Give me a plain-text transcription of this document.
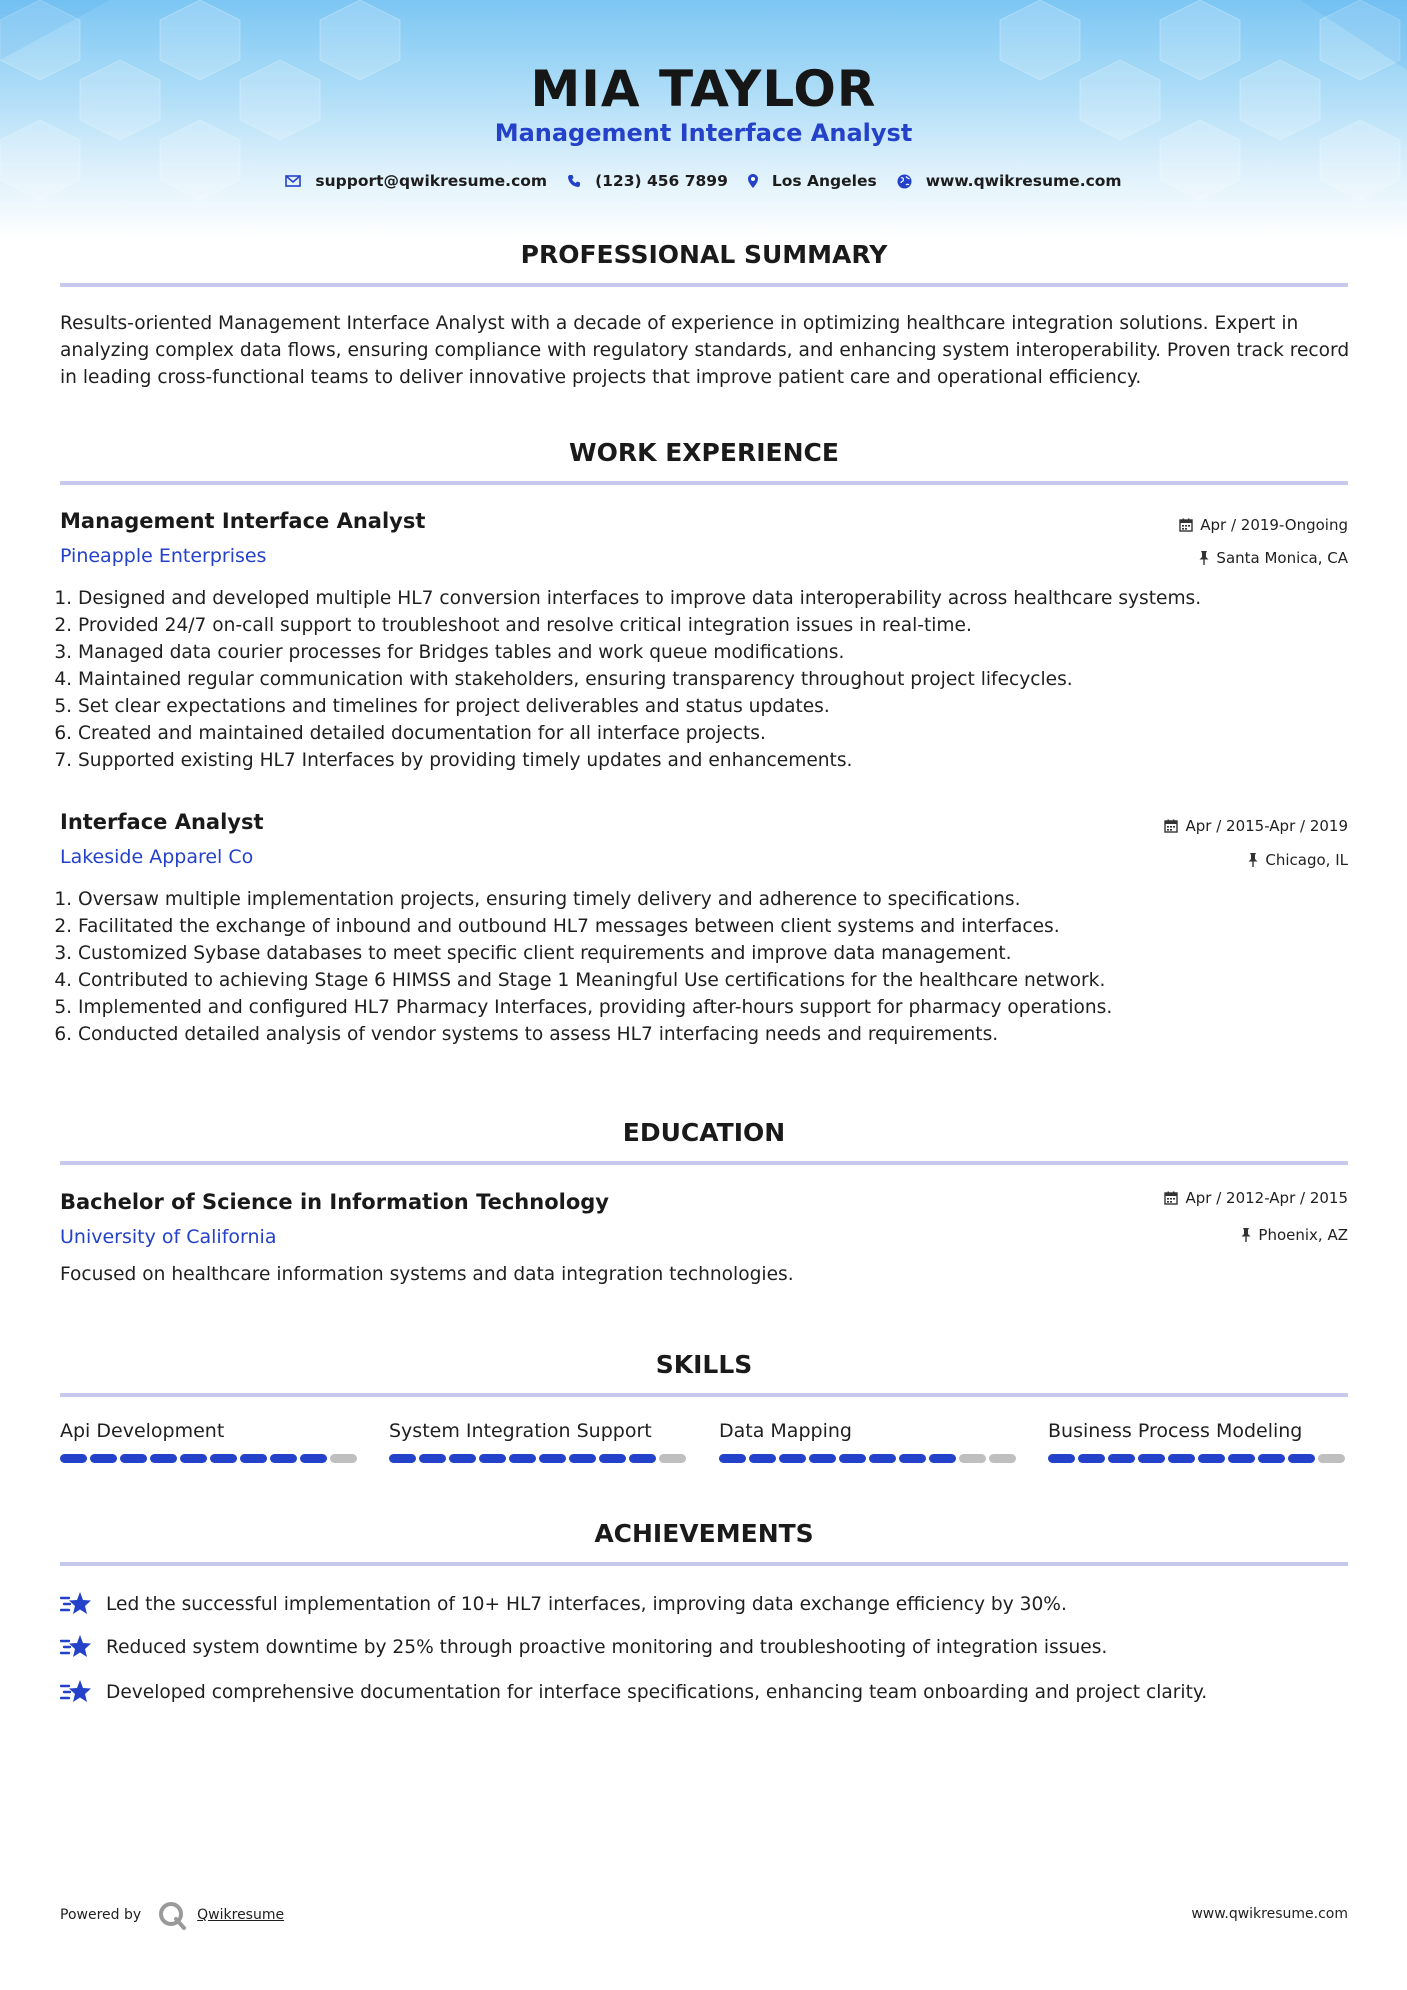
MIA TAYLOR
Management Interface Analyst
support@qwikresume.com	(123) 456 7899	Los Angeles	www.qwikresume.com
PROFESSIONAL SUMMARY
Results-oriented Management Interface Analyst with a decade of experience in optimizing healthcare integration solutions. Expert in analyzing complex data flows, ensuring compliance with regulatory standards, and enhancing system interoperability. Proven track record in leading cross-functional teams to deliver innovative projects that improve patient care and operational efficiency.
WORK EXPERIENCE
Management Interface Analyst	Apr / 2019-Ongoing
Pineapple Enterprises	Santa Monica, CA
1. Designed and developed multiple HL7 conversion interfaces to improve data interoperability across healthcare systems.
2. Provided 24/7 on-call support to troubleshoot and resolve critical integration issues in real-time.
3. Managed data courier processes for Bridges tables and work queue modifications.
4. Maintained regular communication with stakeholders, ensuring transparency throughout project lifecycles.
5. Set clear expectations and timelines for project deliverables and status updates.
6. Created and maintained detailed documentation for all interface projects.
7. Supported existing HL7 Interfaces by providing timely updates and enhancements.
Interface Analyst	Apr / 2015-Apr / 2019
Lakeside Apparel Co	Chicago, IL
1. Oversaw multiple implementation projects, ensuring timely delivery and adherence to specifications.
2. Facilitated the exchange of inbound and outbound HL7 messages between client systems and interfaces.
3. Customized Sybase databases to meet specific client requirements and improve data management.
4. Contributed to achieving Stage 6 HIMSS and Stage 1 Meaningful Use certifications for the healthcare network.
5. Implemented and configured HL7 Pharmacy Interfaces, providing after-hours support for pharmacy operations.
6. Conducted detailed analysis of vendor systems to assess HL7 interfacing needs and requirements.
EDUCATION
Bachelor of Science in Information Technology	Apr / 2012-Apr / 2015
University of California	Phoenix, AZ
Focused on healthcare information systems and data integration technologies.
SKILLS
Api Development	System Integration Support	Data Mapping	Business Process Modeling
ACHIEVEMENTS
Led the successful implementation of 10+ HL7 interfaces, improving data exchange efficiency by 30%.
Reduced system downtime by 25% through proactive monitoring and troubleshooting of integration issues.
Developed comprehensive documentation for interface specifications, enhancing team onboarding and project clarity.
Powered by	Qwikresume	www.qwikresume.com
